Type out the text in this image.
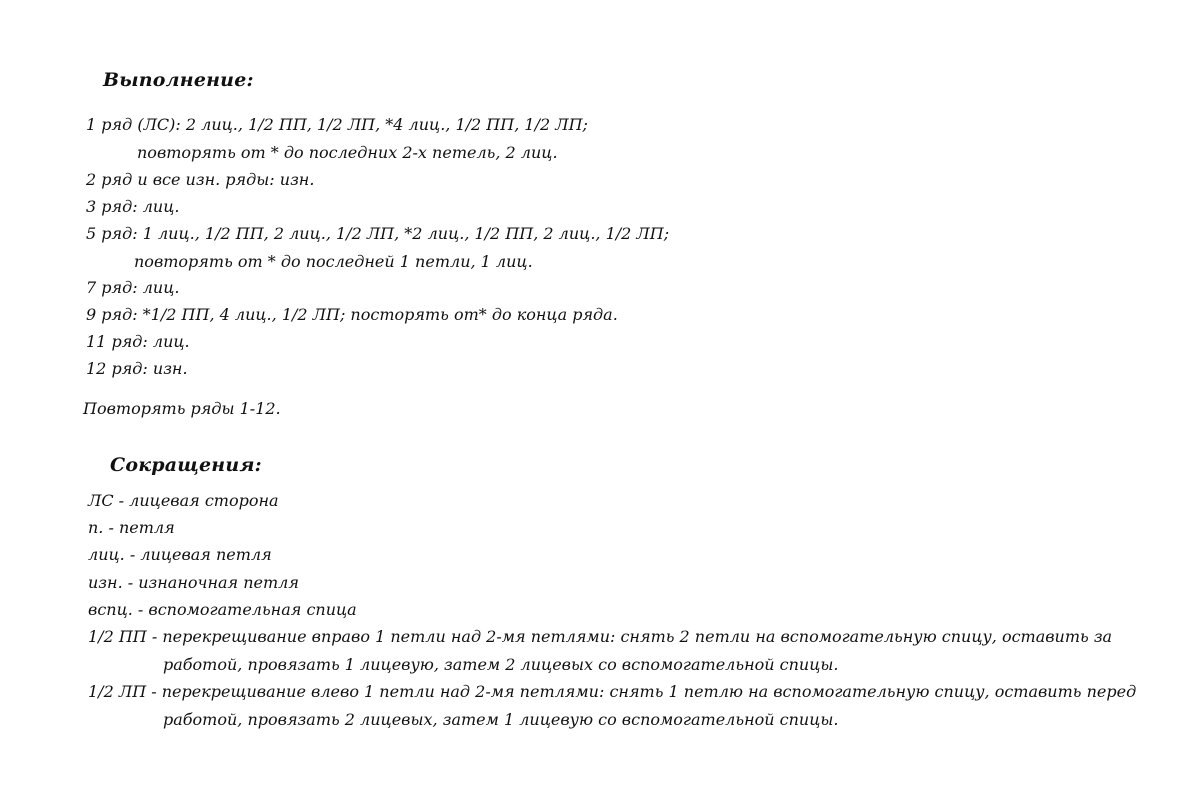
Выполнение:
1 ряд (ЛС): 2 лиц., 1/2 ПП, 1/2 ЛП, *4 лиц., 1/2 ПП, 1/2 ЛП;
повторять от * до последних 2-х петель, 2 лиц.
2 ряд и все изн. ряды: изн.
3 ряд: лиц.
5 ряд: 1 лиц., 1/2 ПП, 2 лиц., 1/2 ЛП, *2 лиц., 1/2 ПП, 2 лиц., 1/2 ЛП;
повторять от * до последней 1 петли, 1 лиц.
7 ряд: лиц.
9 ряд: *1/2 ПП, 4 лиц., 1/2 ЛП; посторять от* до конца ряда.
11 ряд: лиц.
12 ряд: изн.
Повторять ряды 1-12.
Сокращения:
ЛС - лицевая сторона
п. - петля
лиц. - лицевая петля
изн. - изнаночная петля
вспц. - вспомогательная спица
1/2 ПП - перекрещивание вправо 1 петли над 2-мя петлями: снять 2 петли на вспомогательную спицу, оставить за
работой, провязать 1 лицевую, затем 2 лицевых со вспомогательной спицы.
1/2 ЛП - перекрещивание влево 1 петли над 2-мя петлями: снять 1 петлю на вспомогательную спицу, оставить перед
работой, провязать 2 лицевых, затем 1 лицевую со вспомогательной спицы.
